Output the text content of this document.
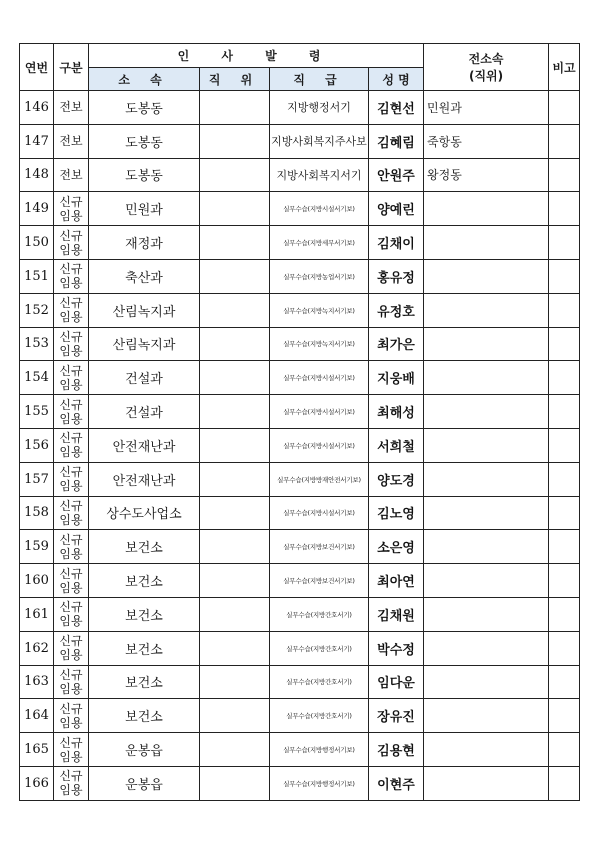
연번	구분	인 사 발 령				전소속
(직위)	비고
		소 속	직 위	직 급	성 명		
146	전보	도봉동		지방행정서기	김현선	민원과	
147	전보	도봉동		지방사회복지주사보	김혜림	죽항동	
148	전보	도봉동		지방사회복지서기	안원주	왕정동	
149	신규
임용	민원과		실무수습(지방시설서기보)	양예린		
150	신규
임용	재정과		실무수습(지방세무서기보)	김채이		
151	신규
임용	축산과		실무수습(지방농업서기보)	홍유정		
152	신규
임용	산림녹지과		실무수습(지방녹지서기보)	유정호		
153	신규
임용	산림녹지과		실무수습(지방녹지서기보)	최가은		
154	신규
임용	건설과		실무수습(지방시설서기보)	지웅배		
155	신규
임용	건설과		실무수습(지방시설서기보)	최해성		
156	신규
임용	안전재난과		실무수습(지방시설서기보)	서희철		
157	신규
임용	안전재난과		실무수습(지방방재안전서기보)	양도경		
158	신규
임용	상수도사업소		실무수습(지방시설서기보)	김노영		
159	신규
임용	보건소		실무수습(지방보건서기보)	소은영		
160	신규
임용	보건소		실무수습(지방보건서기보)	최아연		
161	신규
임용	보건소		실무수습(지방간호서기)	김채원		
162	신규
임용	보건소		실무수습(지방간호서기)	박수정		
163	신규
임용	보건소		실무수습(지방간호서기)	임다운		
164	신규
임용	보건소		실무수습(지방간호서기)	장유진		
165	신규
임용	운봉읍		실무수습(지방행정서기보)	김용현		
166	신규
임용	운봉읍		실무수습(지방행정서기보)	이현주		
